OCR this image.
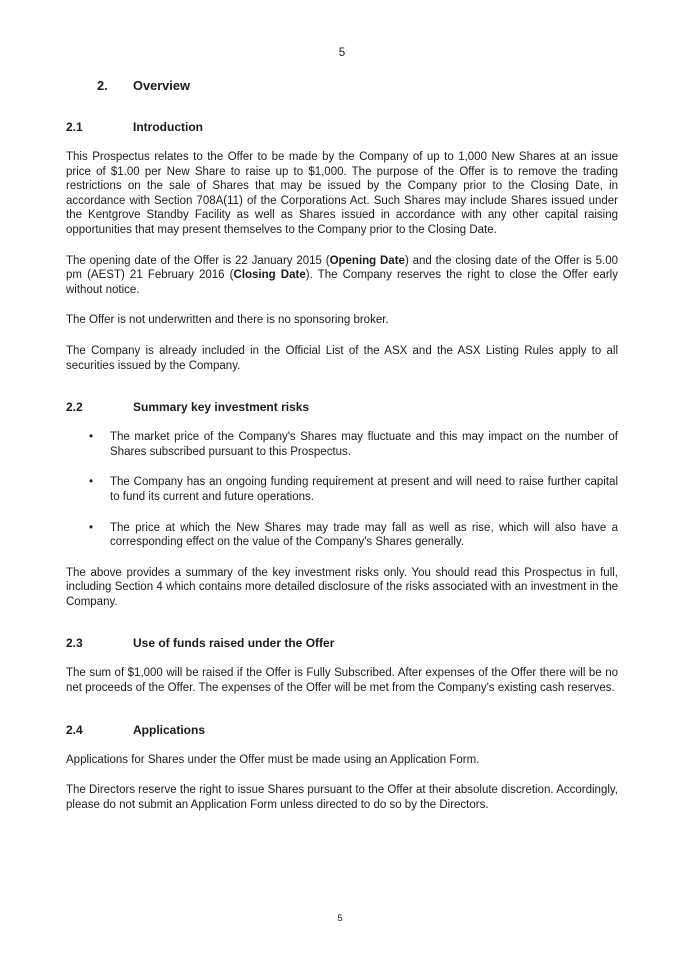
5
2.	Overview
2.1	Introduction

This Prospectus relates to the Offer to be made by the Company of up to 1,000 New Shares at an issue price of $1.00 per New Share to raise up to $1,000. The purpose of the Offer is to remove the trading restrictions on the sale of Shares that may be issued by the Company prior to the Closing Date, in accordance with Section 708A(11) of the Corporations Act. Such Shares may include Shares issued under the Kentgrove Standby Facility as well as Shares issued in accordance with any other capital raising opportunities that may present themselves to the Company prior to the Closing Date.

The opening date of the Offer is 22 January 2015 (Opening Date) and the closing date of the Offer is 5.00 pm (AEST) 21 February 2016 (Closing Date). The Company reserves the right to close the Offer early without notice.

The Offer is not underwritten and there is no sponsoring broker.

The Company is already included in the Official List of the ASX and the ASX Listing Rules apply to all securities issued by the Company.

2.2	Summary key investment risks
•
The market price of the Company's Shares may fluctuate and this may impact on the number of Shares subscribed pursuant to this Prospectus.
•
The Company has an ongoing funding requirement at present and will need to raise further capital to fund its current and future operations.
•
The price at which the New Shares may trade may fall as well as rise, which will also have a corresponding effect on the value of the Company's Shares generally.

The above provides a summary of the key investment risks only. You should read this Prospectus in full, including Section 4 which contains more detailed disclosure of the risks associated with an investment in the Company.

2.3	Use of funds raised under the Offer

The sum of $1,000 will be raised if the Offer is Fully Subscribed. After expenses of the Offer there will be no net proceeds of the Offer. The expenses of the Offer will be met from the Company's existing cash reserves.

2.4	Applications

Applications for Shares under the Offer must be made using an Application Form.

The Directors reserve the right to issue Shares pursuant to the Offer at their absolute discretion. Accordingly, please do not submit an Application Form unless directed to do so by the Directors.

5
